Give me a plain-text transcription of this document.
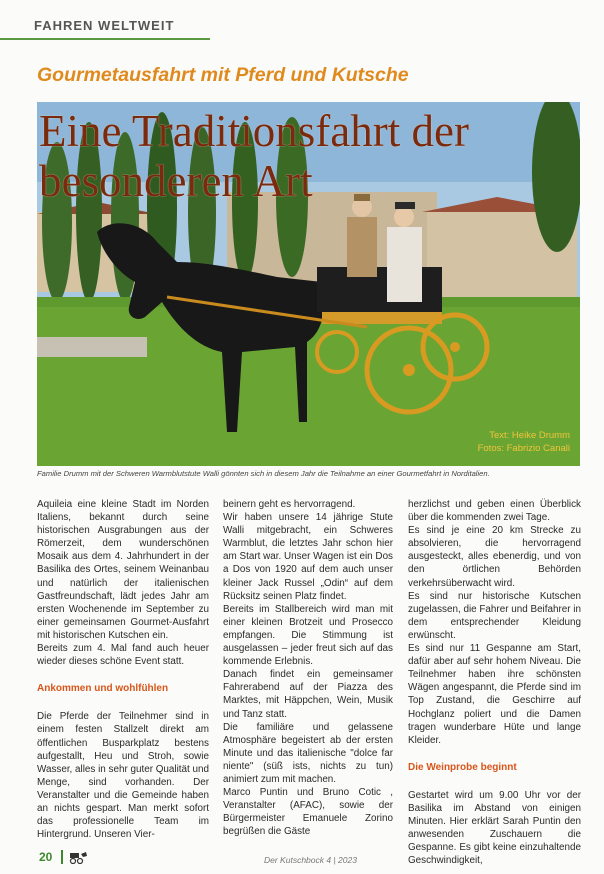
FAHREN WELTWEIT
Gourmetausfahrt mit Pferd und Kutsche
Eine Traditionsfahrt der besonderen Art
Text: Heike Drumm
Fotos: Fabrizio Canali
Familie Drumm mit der Schweren Warmblutstute Walli gönnten sich in diesem Jahr die Teilnahme an einer Gourmetfahrt in Norditalien.

Aquileia eine kleine Stadt im Norden Italiens, bekannt durch seine historischen Ausgrabungen aus der Römerzeit, dem wunderschönen Mosaik aus dem 4. Jahrhundert in der Basilika des Ortes, seinem Weinanbau und natürlich der italienischen Gastfreundschaft, lädt jedes Jahr am ersten Wochenende im September zu einer gemeinsamen Gourmet-Ausfahrt mit historischen Kutschen ein.

Bereits zum 4. Mal fand auch heuer wieder dieses schöne Event statt.

Ankommen und wohlfühlen

Die Pferde der Teilnehmer sind in einem festen Stallzelt direkt am öffentlichen Busparkplatz bestens aufgestallt, Heu und Stroh, sowie Wasser, alles in sehr guter Qualität und Menge, sind vorhanden. Der Veranstalter und die Gemeinde haben an nichts gespart. Man merkt sofort das professionelle Team im Hintergrund. Unseren Vier-

beinern geht es hervorragend.

Wir haben unsere 14 jährige Stute Walli mitgebracht, ein Schweres Warmblut, die letztes Jahr schon hier am Start war. Unser Wagen ist ein Dos a Dos von 1920 auf dem auch unser kleiner Jack Russel „Odin“ auf dem Rücksitz seinen Platz findet.

Bereits im Stallbereich wird man mit einer kleinen Brotzeit und Prosecco empfangen. Die Stimmung ist ausgelassen – jeder freut sich auf das kommende Erlebnis.

Danach findet ein gemeinsamer Fahrerabend auf der Piazza des Marktes, mit Häppchen, Wein, Musik und Tanz statt.

Die familiäre und gelassene Atmosphäre begeistert ab der ersten Minute und das italienische "dolce far niente" (süß ists, nichts zu tun) animiert zum mit machen.

Marco Puntin und Bruno Cotic , Veranstalter (AFAC), sowie der Bürgermeister Emanuele Zorino begrüßen die Gäste

herzlichst und geben einen Überblick über die kommenden zwei Tage.

Es sind je eine 20 km Strecke zu absolvieren, die hervorragend ausgesteckt, alles ebenerdig, und von den örtlichen Behörden verkehrsüberwacht wird.

Es sind nur historische Kutschen zugelassen, die Fahrer und Beifahrer in dem entsprechender Kleidung erwünscht.

Es sind nur 11 Gespanne am Start, dafür aber auf sehr hohem Niveau. Die Teilnehmer haben ihre schönsten Wägen angespannt, die Pferde sind im Top Zustand, die Geschirre auf Hochglanz poliert und die Damen tragen wunderbare Hüte und lange Kleider.

Die Weinprobe beginnt

Gestartet wird um 9.00 Uhr vor der Basilika im Abstand von einigen Minuten. Hier erklärt Sarah Puntin den anwesenden Zuschauern die Gespanne. Es gibt keine einzuhaltende Geschwindigkeit,

20	Der Kutschbock 4 | 2023
